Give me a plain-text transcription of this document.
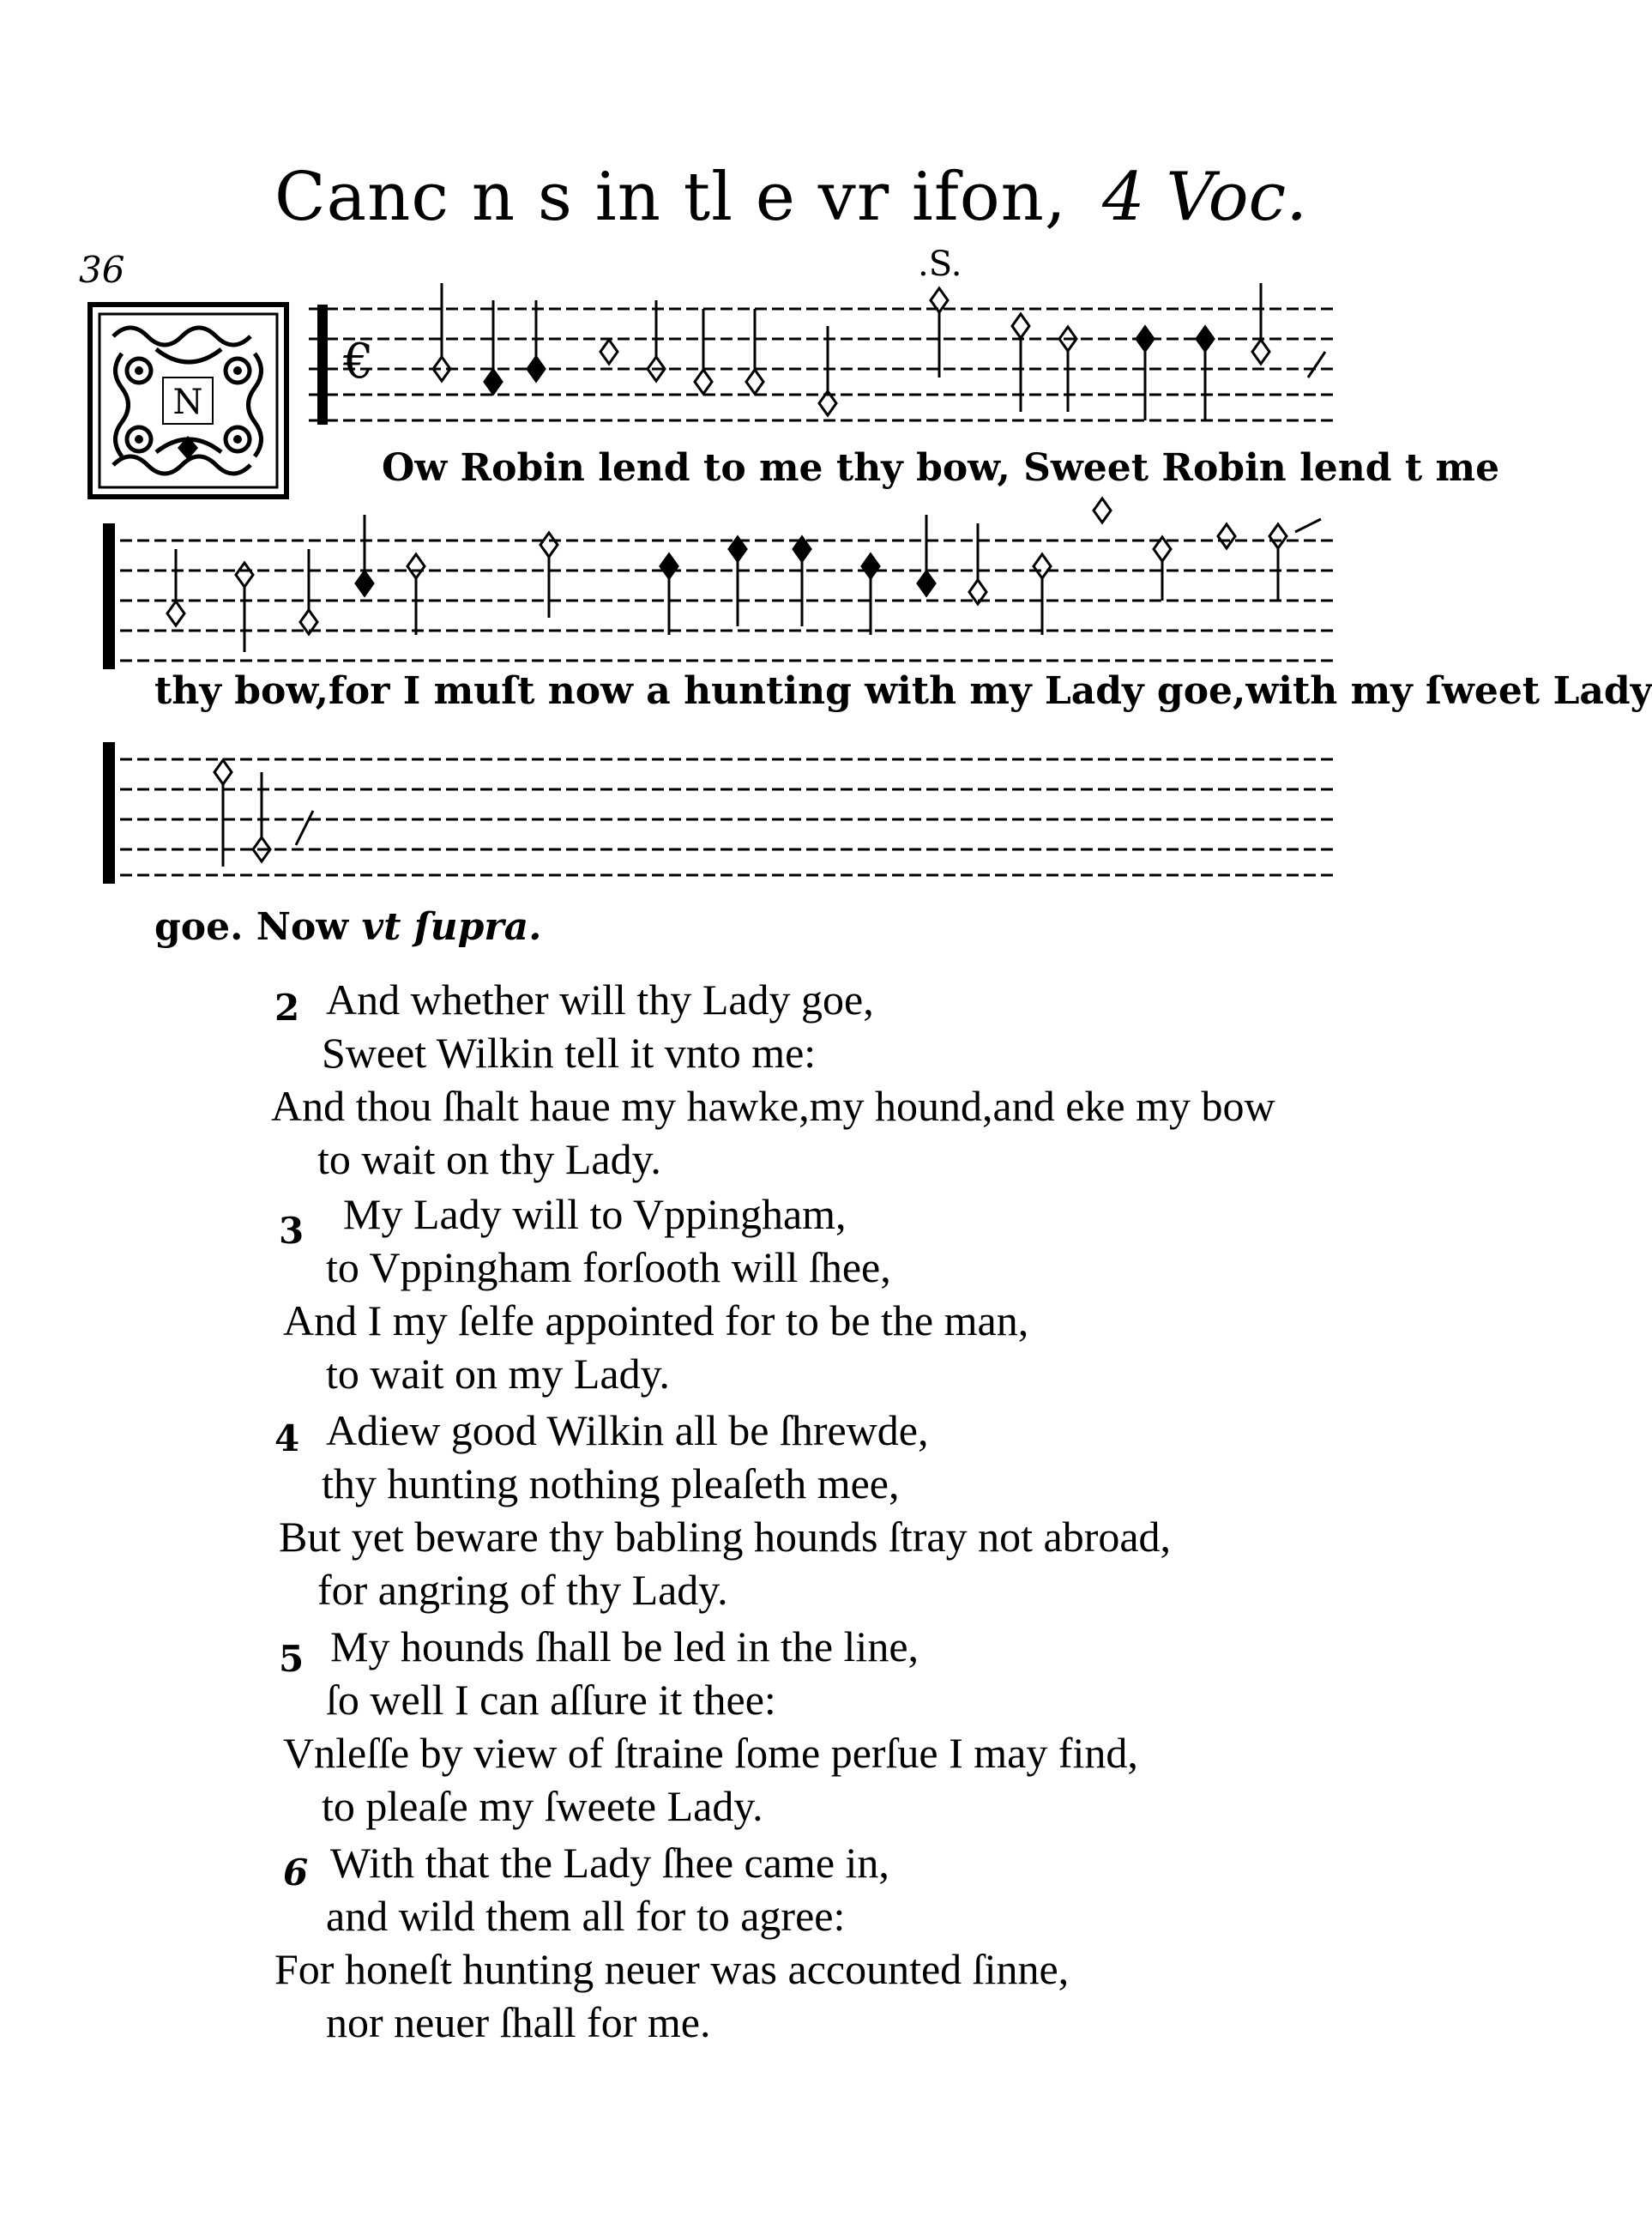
Canc n s in tl e vr ifon, 4 Voc.
36	.S.
N
€
Ow Robin lend to me thy bow, Sweet Robin lend t me
thy bow,for I muſt now a hunting with my Lady goe,with my ſweet Lady
goe. Now vt ſupra.
2 And whether will thy Lady goe,
Sweet Wilkin tell it vnto me:
And thou ſhalt haue my hawke,my hound,and eke my bow
to wait on thy Lady.
3 My Lady will to Vppingham,
to Vppingham forſooth will ſhee,
And I my ſelfe appointed for to be the man,
to wait on my Lady.
4 Adiew good Wilkin all be ſhrewde,
thy hunting nothing pleaſeth mee,
But yet beware thy babling hounds ſtray not abroad,
for angring of thy Lady.
5 My hounds ſhall be led in the line,
ſo well I can aſſure it thee:
Vnleſſe by view of ſtraine ſome perſue I may find,
to pleaſe my ſweete Lady.
6 With that the Lady ſhee came in,
and wild them all for to agree:
For honeſt hunting neuer was accounted ſinne,
nor neuer ſhall for me.
